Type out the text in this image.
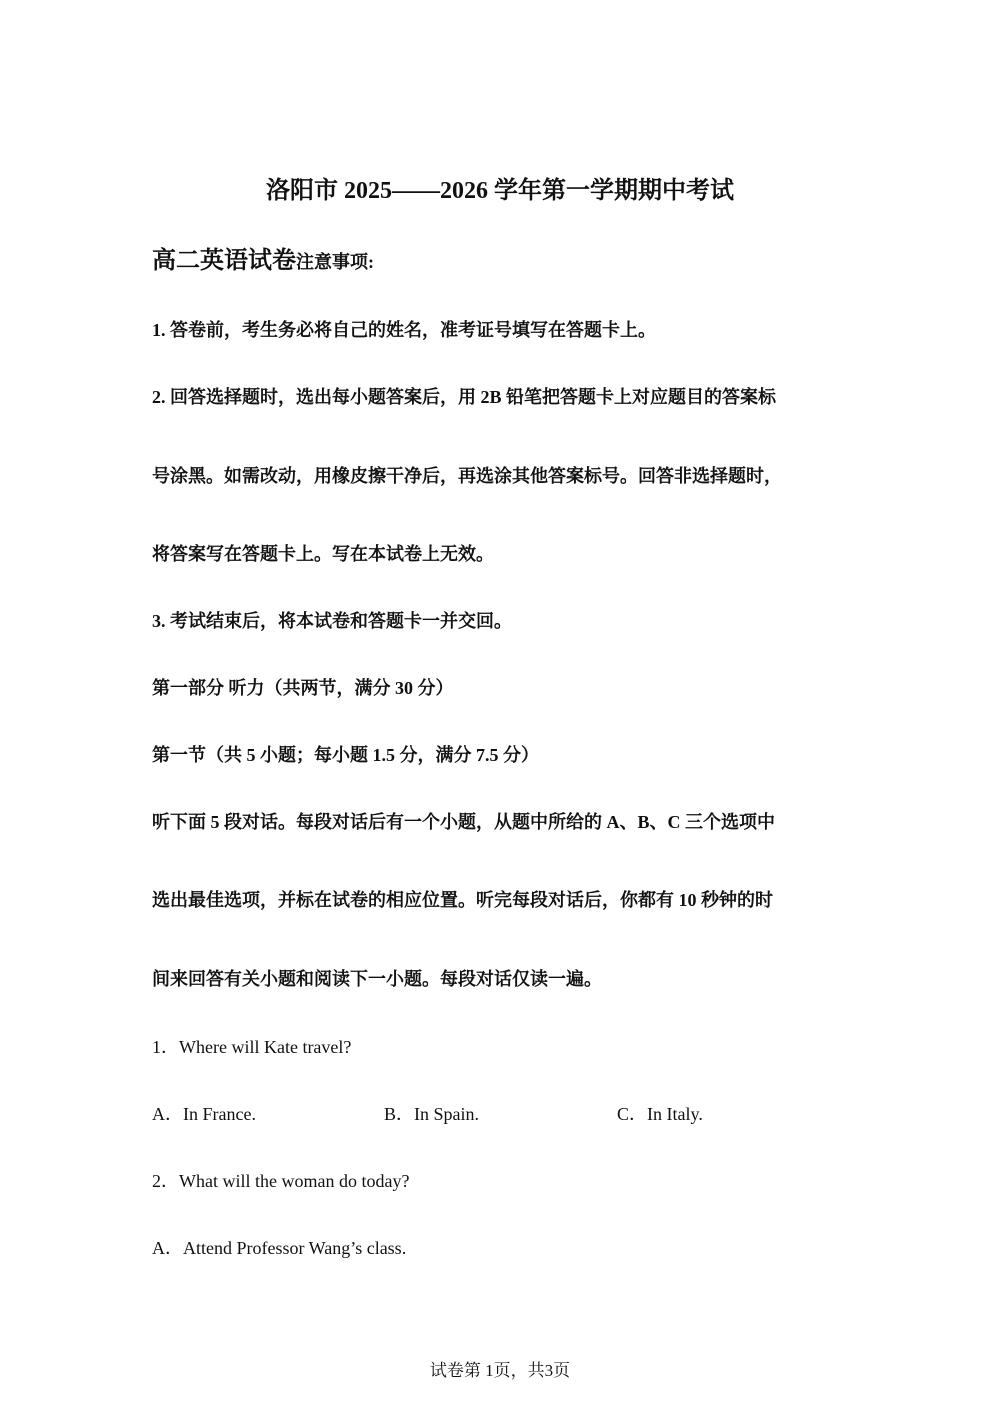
洛阳市 2025——2026 学年第一学期期中考试
高二英语试卷注意事项:
1. 答卷前，考生务必将自己的姓名，准考证号填写在答题卡上。
2. 回答选择题时，选出每小题答案后，用 2B 铅笔把答题卡上对应题目的答案标
号涂黑。如需改动，用橡皮擦干净后，再选涂其他答案标号。回答非选择题时，
将答案写在答题卡上。写在本试卷上无效。
3. 考试结束后，将本试卷和答题卡一并交回。
第一部分 听力（共两节，满分 30 分）
第一节（共 5 小题；每小题 1.5 分，满分 7.5 分）
听下面 5 段对话。每段对话后有一个小题，从题中所给的 A、B、C 三个选项中
选出最佳选项，并标在试卷的相应位置。听完每段对话后，你都有 10 秒钟的时
间来回答有关小题和阅读下一小题。每段对话仅读一遍。
1．Where will Kate travel?
A．In France.	B．In Spain.	C．In Italy.
2．What will the woman do today?
A．Attend Professor Wang’s class.
试卷第 1页，共3页
